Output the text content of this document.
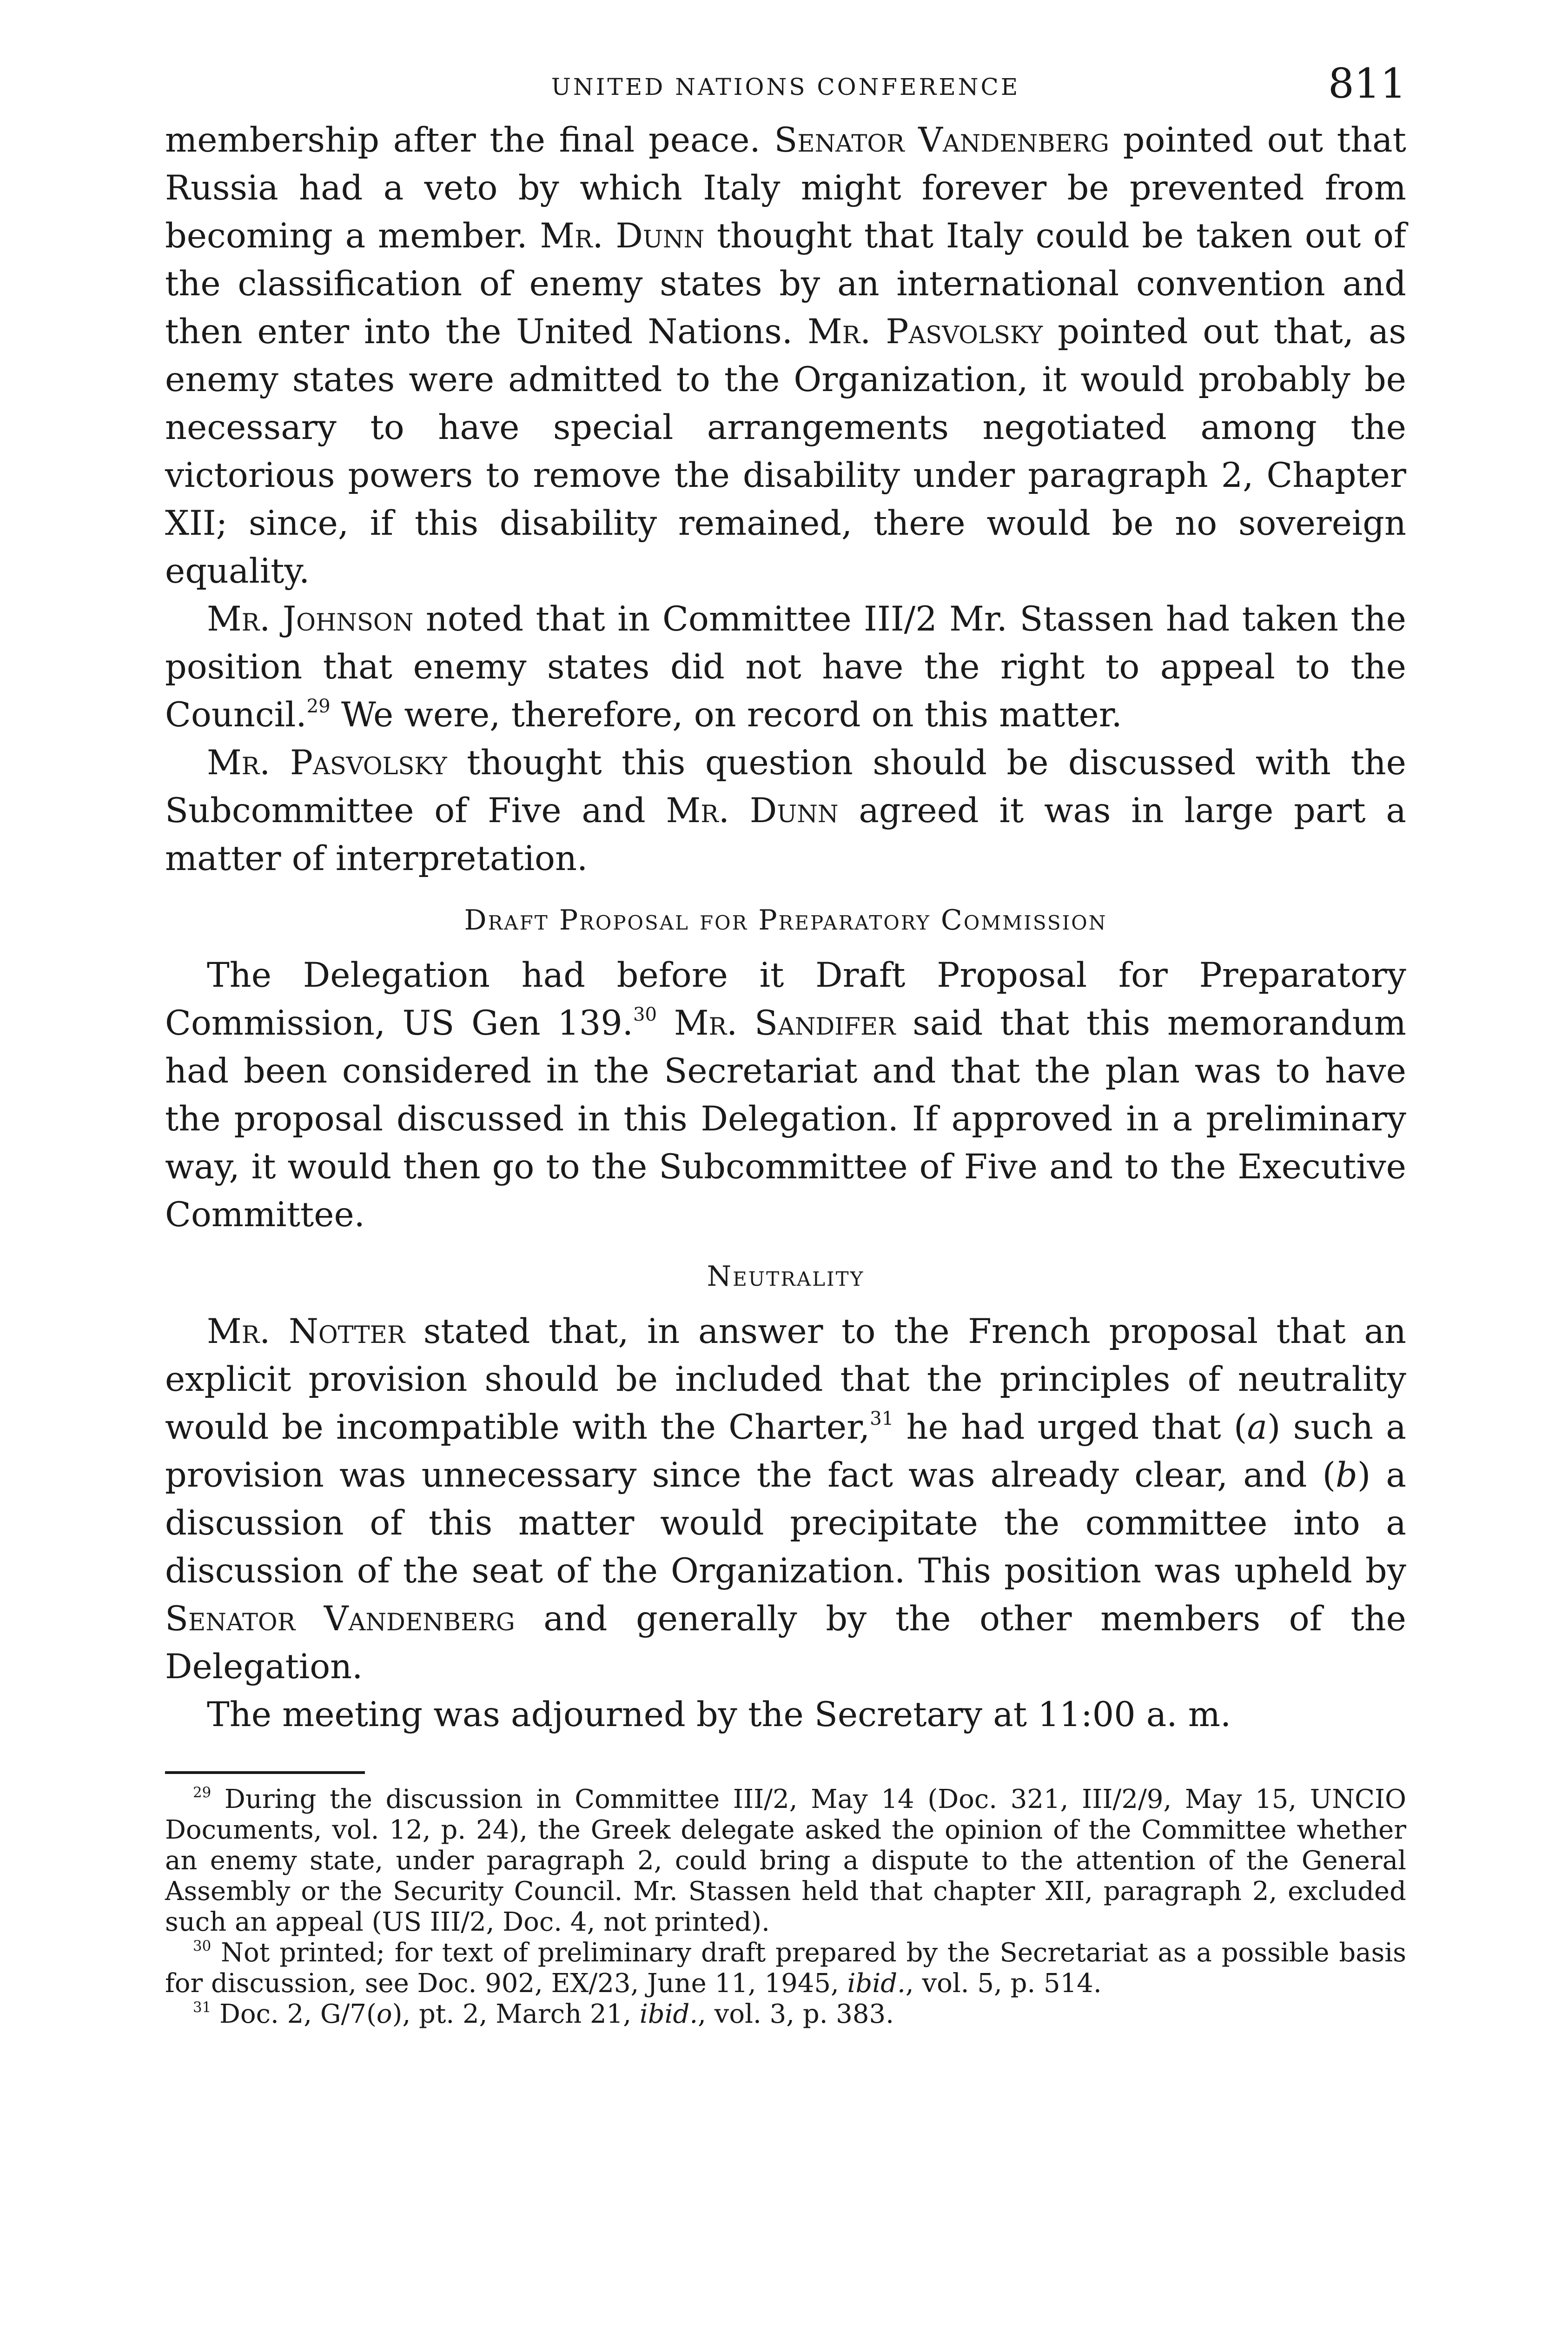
UNITED NATIONS CONFERENCE	811

membership after the final peace. Senator Vandenberg pointed out that Russia had a veto by which Italy might forever be prevented from becoming a member. Mr. Dunn thought that Italy could be taken out of the classification of enemy states by an international convention and then enter into the United Nations. Mr. Pasvolsky pointed out that, as enemy states were admitted to the Organization, it would probably be necessary to have special arrangements negotiated among the victorious powers to remove the disability under paragraph 2, Chapter XII; since, if this disability remained, there would be no sovereign equality.

Mr. Johnson noted that in Committee III/2 Mr. Stassen had taken the position that enemy states did not have the right to appeal to the Council.$^{29}$ We were, therefore, on record on this matter.

Mr. Pasvolsky thought this question should be discussed with the Subcommittee of Five and Mr. Dunn agreed it was in large part a matter of interpretation.

Draft Proposal for Preparatory Commission

The Delegation had before it Draft Proposal for Preparatory Commission, US Gen 139.30 Mr. Sandifer said that this memorandum had been considered in the Secretariat and that the plan was to have the proposal discussed in this Delegation. If approved in a preliminary way, it would then go to the Subcommittee of Five and to the Executive Committee.

Neutrality

Mr. Notter stated that, in answer to the French proposal that an explicit provision should be included that the principles of neutrality would be incompatible with the Charter,$^{31}$ he had urged that (a) such a provision was unnecessary since the fact was already clear, and (b) a discussion of this matter would precipitate the committee into a discussion of the seat of the Organization. This position was upheld by Senator Vandenberg and generally by the other members of the Delegation.

The meeting was adjourned by the Secretary at 11:00 a. m.

$^{29}$ During the discussion in Committee III/2, May 14 (Doc. 321, III/2/9, May 15, UNCIO Documents, vol. 12, p. 24), the Greek delegate asked the opinion of the Committee whether an enemy state, under paragraph 2, could bring a dispute to the attention of the General Assembly or the Security Council. Mr. Stassen held that chapter XII, paragraph 2, excluded such an appeal (US III/2, Doc. 4, not printed).

$^{30}$ Not printed; for text of preliminary draft prepared by the Secretariat as a possible basis for discussion, see Doc. 902, EX/23, June 11, 1945, ibid., vol. 5, p. 514.

$^{31}$ Doc. 2, G/7(o), pt. 2, March 21, ibid., vol. 3, p. 383.
